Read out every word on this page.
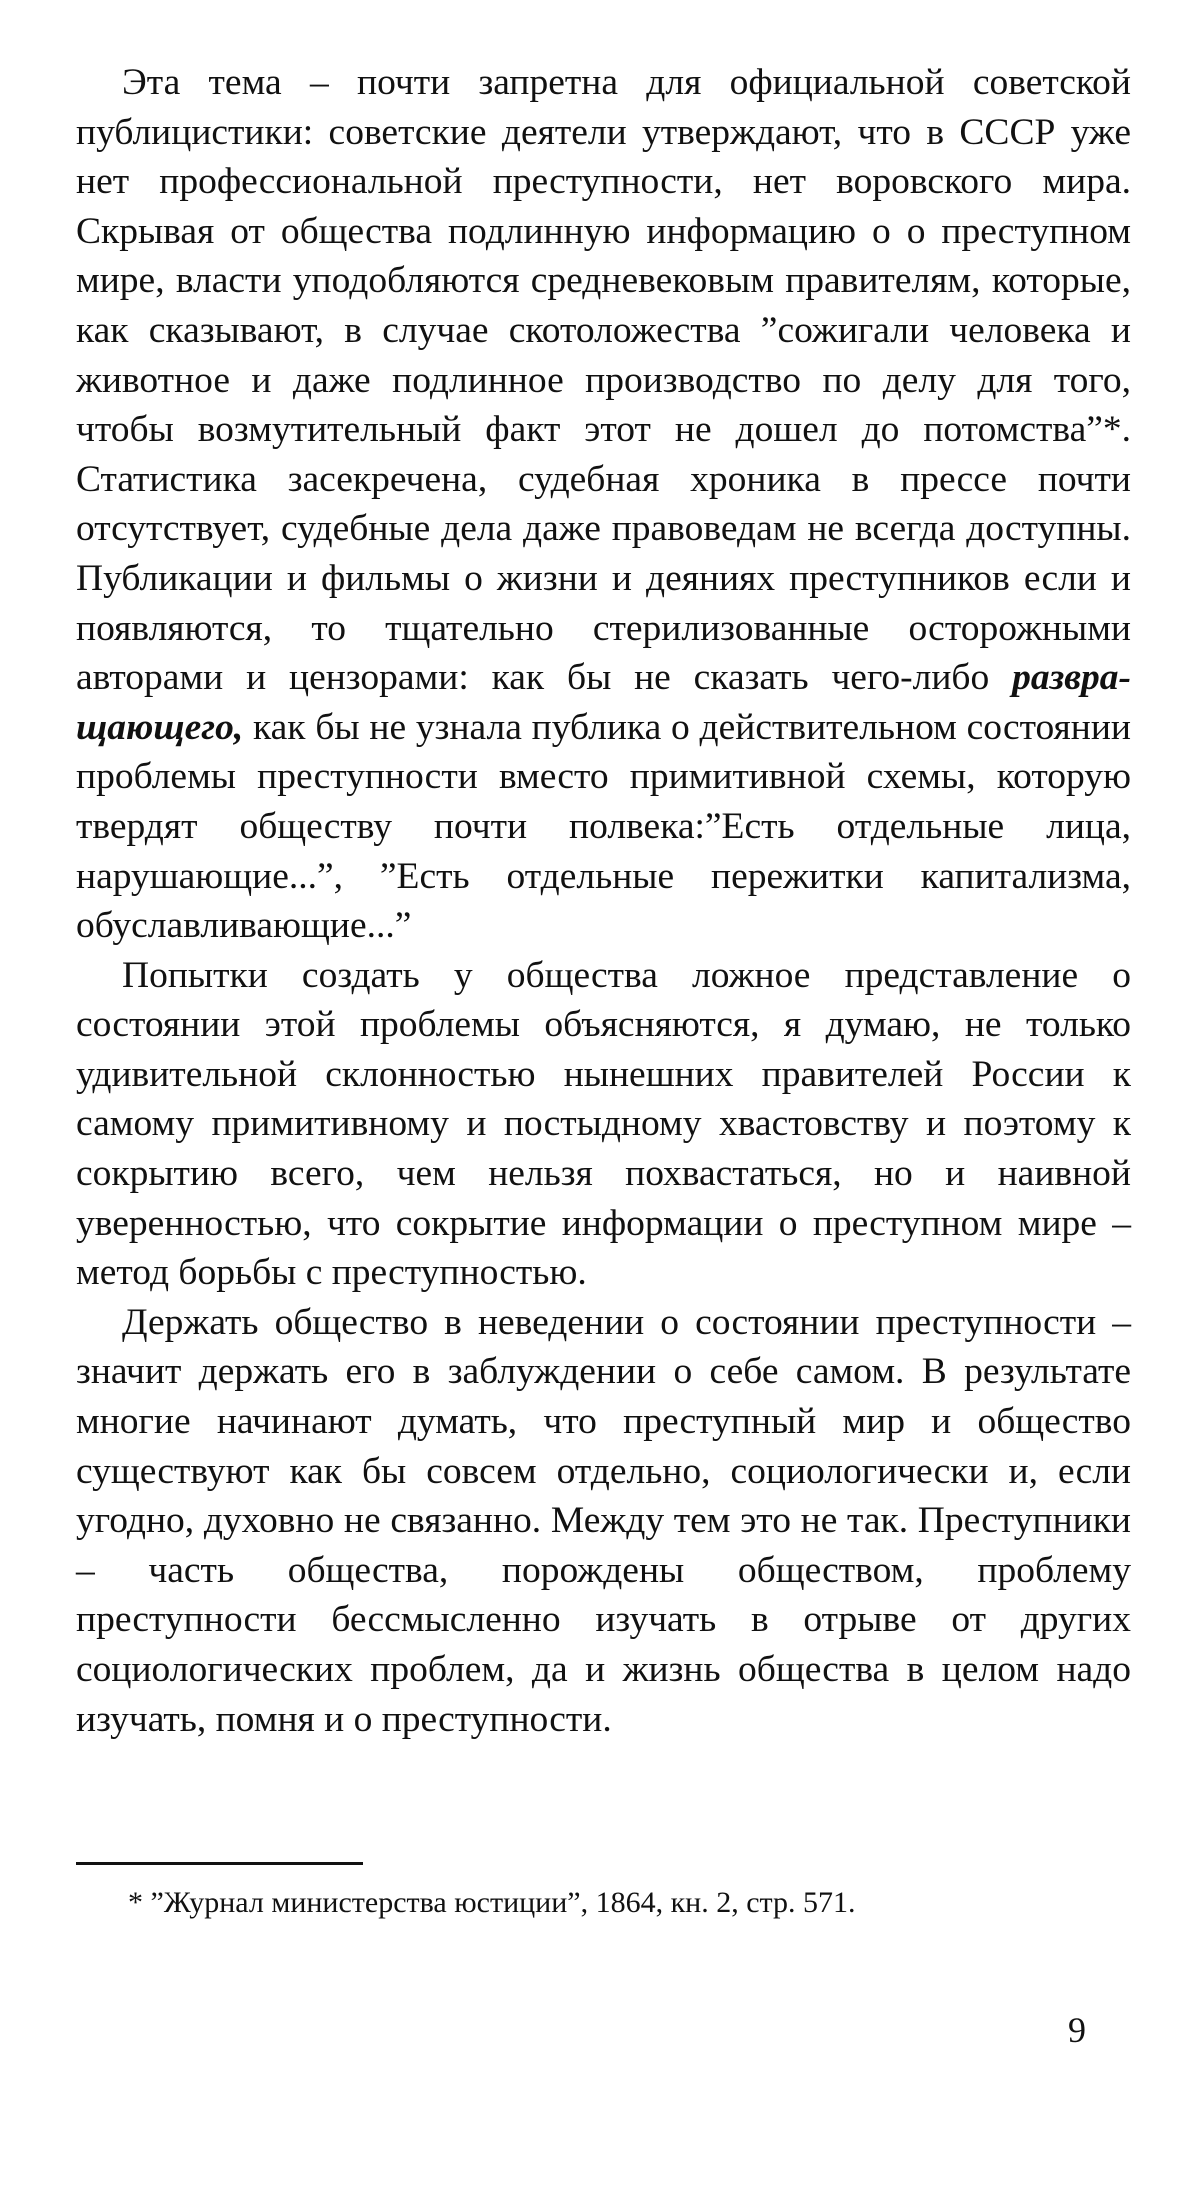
Эта тема – почти запретна для официальной советской публицистики: советские деятели утверждают, что в СССР уже нет профессиональной преступности, нет воровского мира. Скрывая от общества подлинную информацию о о преступном мире, власти уподобляются средневековым правителям, которые, как сказывают, в случае скотоложества ”сожигали человека и животное и даже подлинное производство по делу для того, чтобы возмутительный факт этот не дошел до потомства”*. Статистика засекречена, судебная хроника в прессе почти отсутствует, судебные дела даже правоведам не всегда доступны. Публикации и фильмы о жизни и деяниях преступников если и появляются, то тщательно стерилизованные осторожными авторами и цензорами: как бы не сказать чего-либо развращающего, как бы не узнала публика о действительном состоянии проблемы преступности вместо примитивной схемы, которую твердят обществу почти полвека:”Есть отдельные лица, нарушающие...”, ”Есть отдельные пережитки капитализма, обуславливающие...”

Попытки создать у общества ложное представление о состоянии этой проблемы объясняются, я думаю, не только удивительной склонностью нынешних правителей России к самому примитивному и постыдному хвастовству и поэтому к сокрытию всего, чем нельзя похвастаться, но и наивной уверенностью, что сокрытие информации о преступном мире – метод борьбы с преступностью.

Держать общество в неведении о состоянии преступности – значит держать его в заблуждении о себе самом. В результате многие начинают думать, что преступный мир и общество существуют как бы совсем отдельно, социологически и, если угодно, духовно не связанно. Между тем это не так. Преступники – часть общества, порождены обществом, проблему преступности бессмысленно изучать в отрыве от других социологических проблем, да и жизнь общества в целом надо изучать, помня и о преступности.

* ”Журнал министерства юстиции”, 1864, кн. 2, стр. 571.

9
